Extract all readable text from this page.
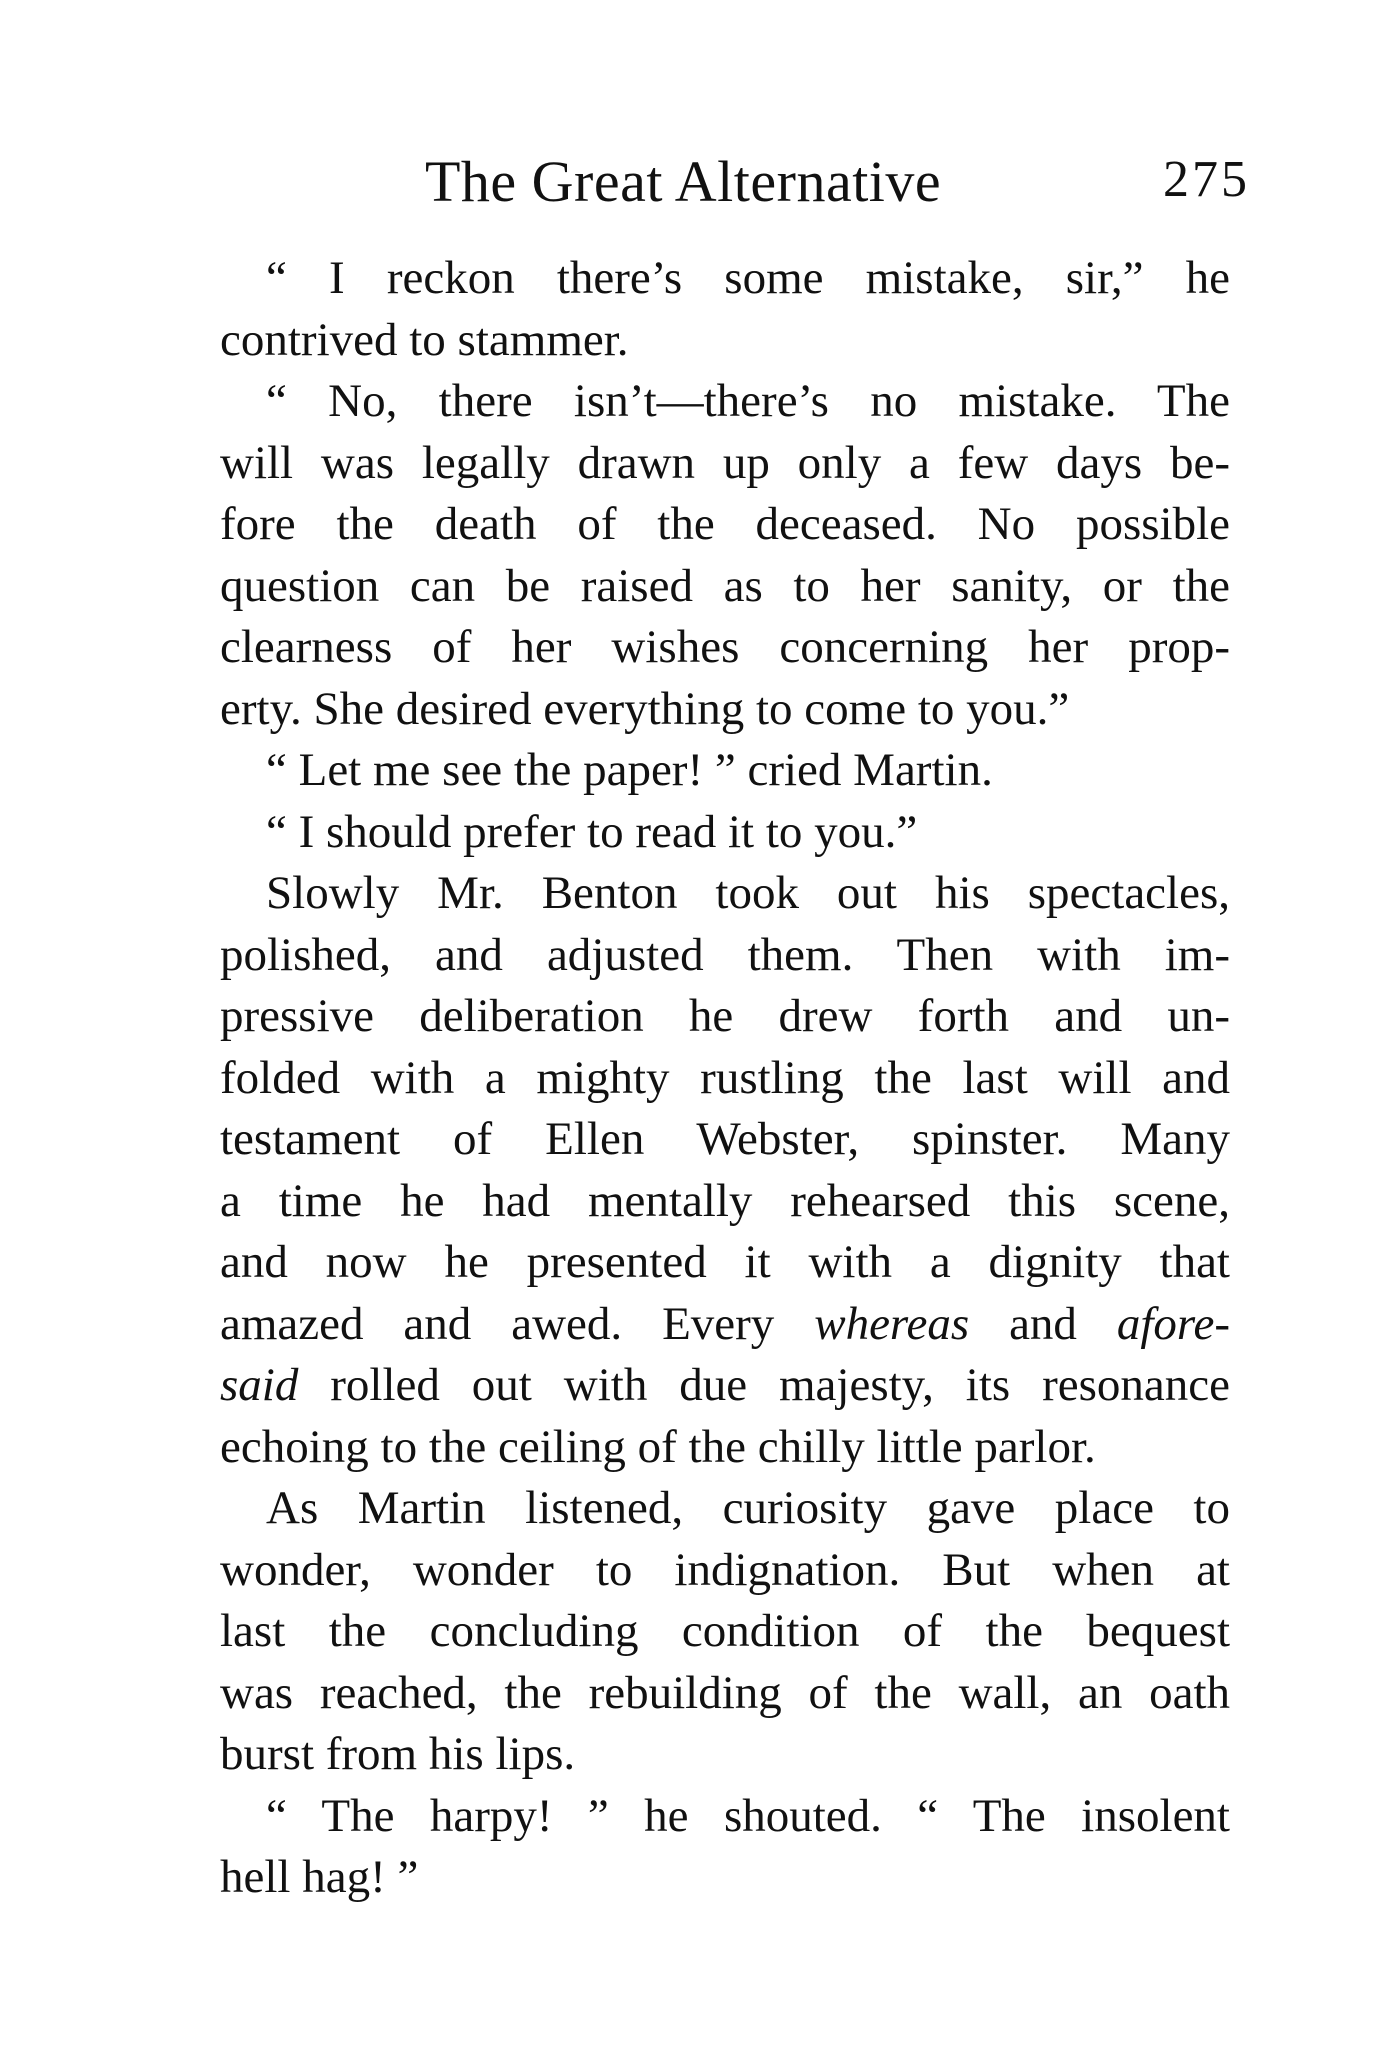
The Great Alternative	275
“ I reckon there’s some mistake, sir,” he
contrived to stammer.
“ No, there isn’t—there’s no mistake. The
will was legally drawn up only a few days be-
fore the death of the deceased. No possible
question can be raised as to her sanity, or the
clearness of her wishes concerning her prop-
erty. She desired everything to come to you.”
“ Let me see the paper! ” cried Martin.
“ I should prefer to read it to you.”
Slowly Mr. Benton took out his spectacles,
polished, and adjusted them. Then with im-
pressive deliberation he drew forth and un-
folded with a mighty rustling the last will and
testament of Ellen Webster, spinster. Many
a time he had mentally rehearsed this scene,
and now he presented it with a dignity that
amazed and awed. Every whereas and afore-
said rolled out with due majesty, its resonance
echoing to the ceiling of the chilly little parlor.
As Martin listened, curiosity gave place to
wonder, wonder to indignation. But when at
last the concluding condition of the bequest
was reached, the rebuilding of the wall, an oath
burst from his lips.
“ The harpy! ” he shouted. “ The insolent
hell hag! ”
